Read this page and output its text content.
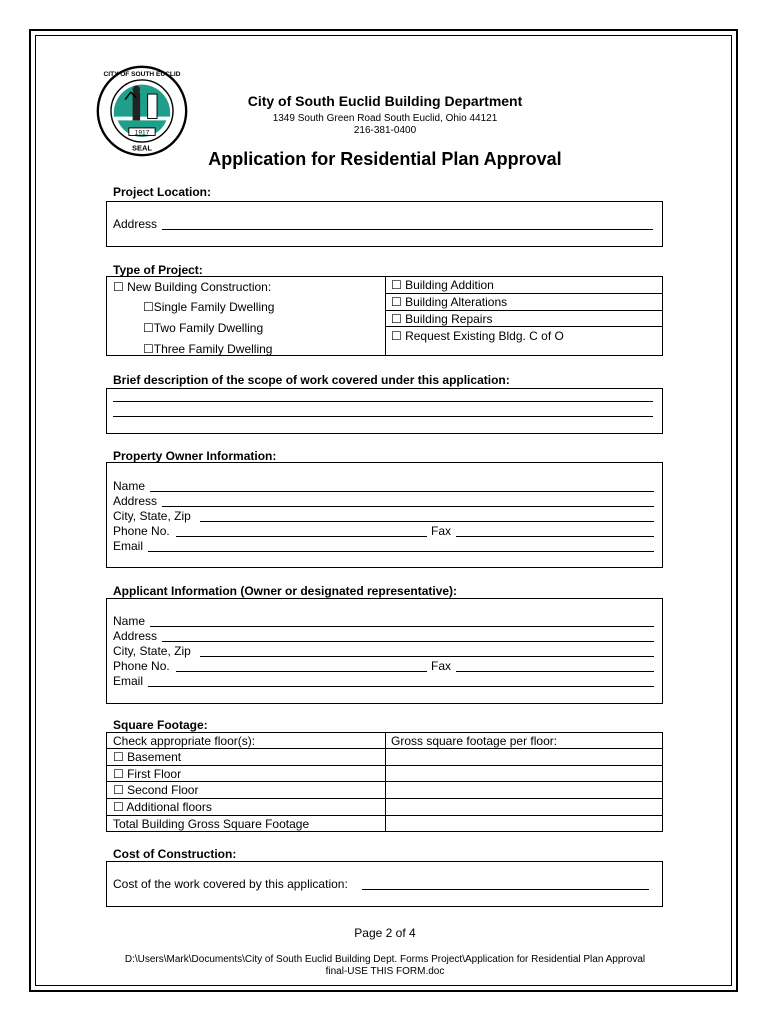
1917
SEAL
CITY OF SOUTH EUCLID
City of South Euclid Building Department
1349 South Green Road South Euclid, Ohio 44121
216-381-0400
Application for Residential Plan Approval
Project Location:
Address
Type of Project:
☐ New Building Construction:
☐Single Family Dwelling
☐Two Family Dwelling
☐Three Family Dwelling
☐ Building Addition
☐ Building Alterations
☐ Building Repairs
☐ Request Existing Bldg. C of O
Brief description of the scope of work covered under this application:
Property Owner Information:
Name
Address
City, State, Zip
Phone No.	Fax
Email
Applicant Information (Owner or designated representative):
Name
Address
City, State, Zip
Phone No.	Fax
Email
Square Footage:
Check appropriate floor(s):	Gross square footage per floor:
☐ Basement
☐ First Floor
☐ Second Floor
☐ Additional floors
Total Building Gross Square Footage
Cost of Construction:
Cost of the work covered by this application:
Page 2 of 4
D:\Users\Mark\Documents\City of South Euclid Building Dept. Forms Project\Application for Residential Plan Approval
final-USE THIS FORM.doc
